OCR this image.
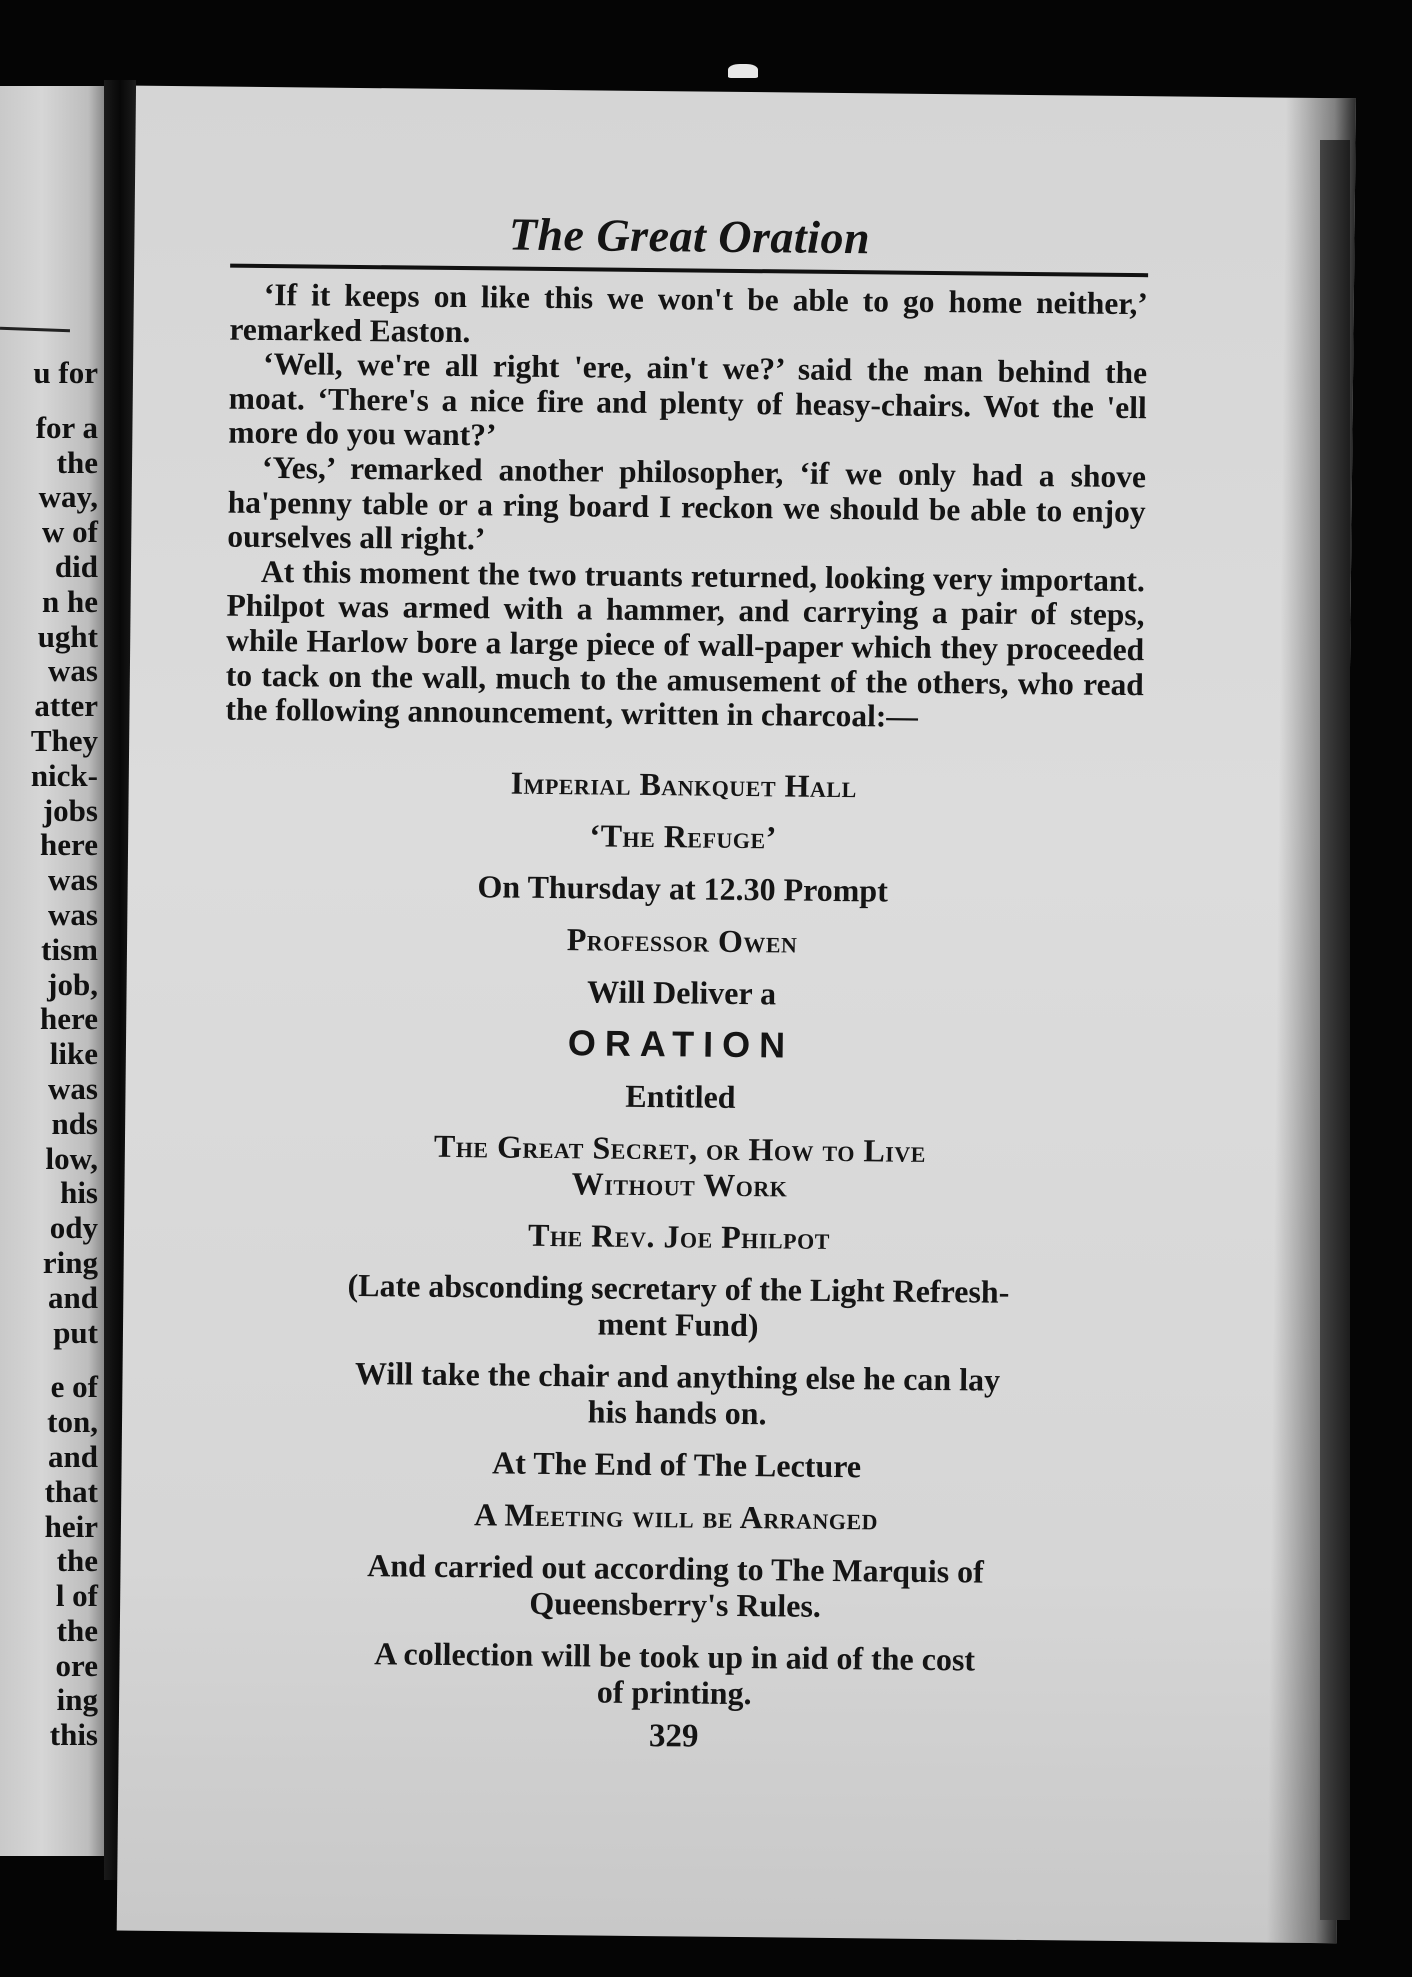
u for
for a
the
way,
w of
did
n he
ught
was
atter
They
nick-
jobs
here
was
was
tism
job,
here
like
was
nds
low,
his
ody
ring
and
put
e of
ton,
and
that
heir
the
l of
the
ore
ing
this
The Great Oration

‘If it keeps on like this we won't be able to go home neither,’ remarked Easton.

‘Well, we're all right 'ere, ain't we?’ said the man behind the moat. ‘There's a nice fire and plenty of heasy-chairs. Wot the 'ell more do you want?’

‘Yes,’ remarked another philosopher, ‘if we only had a shove ha'penny table or a ring board I reckon we should be able to enjoy ourselves all right.’

At this moment the two truants returned, looking very important. Philpot was armed with a hammer, and carrying a pair of steps, while Harlow bore a large piece of wall-paper which they proceeded to tack on the wall, much to the amusement of the others, who read the following announcement, written in charcoal:—

Imperial Bankquet Hall
‘The Refuge’
On Thursday at 12.30 Prompt
Professor Owen
Will Deliver a
ORATION
Entitled
The Great Secret, or How to Live
Without Work
The Rev. Joe Philpot
(Late absconding secretary of the Light Refresh-
ment Fund)
Will take the chair and anything else he can lay
his hands on.
At The End of The Lecture
A Meeting will be Arranged
And carried out according to The Marquis of
Queensberry's Rules.
A collection will be took up in aid of the cost
of printing.
329
